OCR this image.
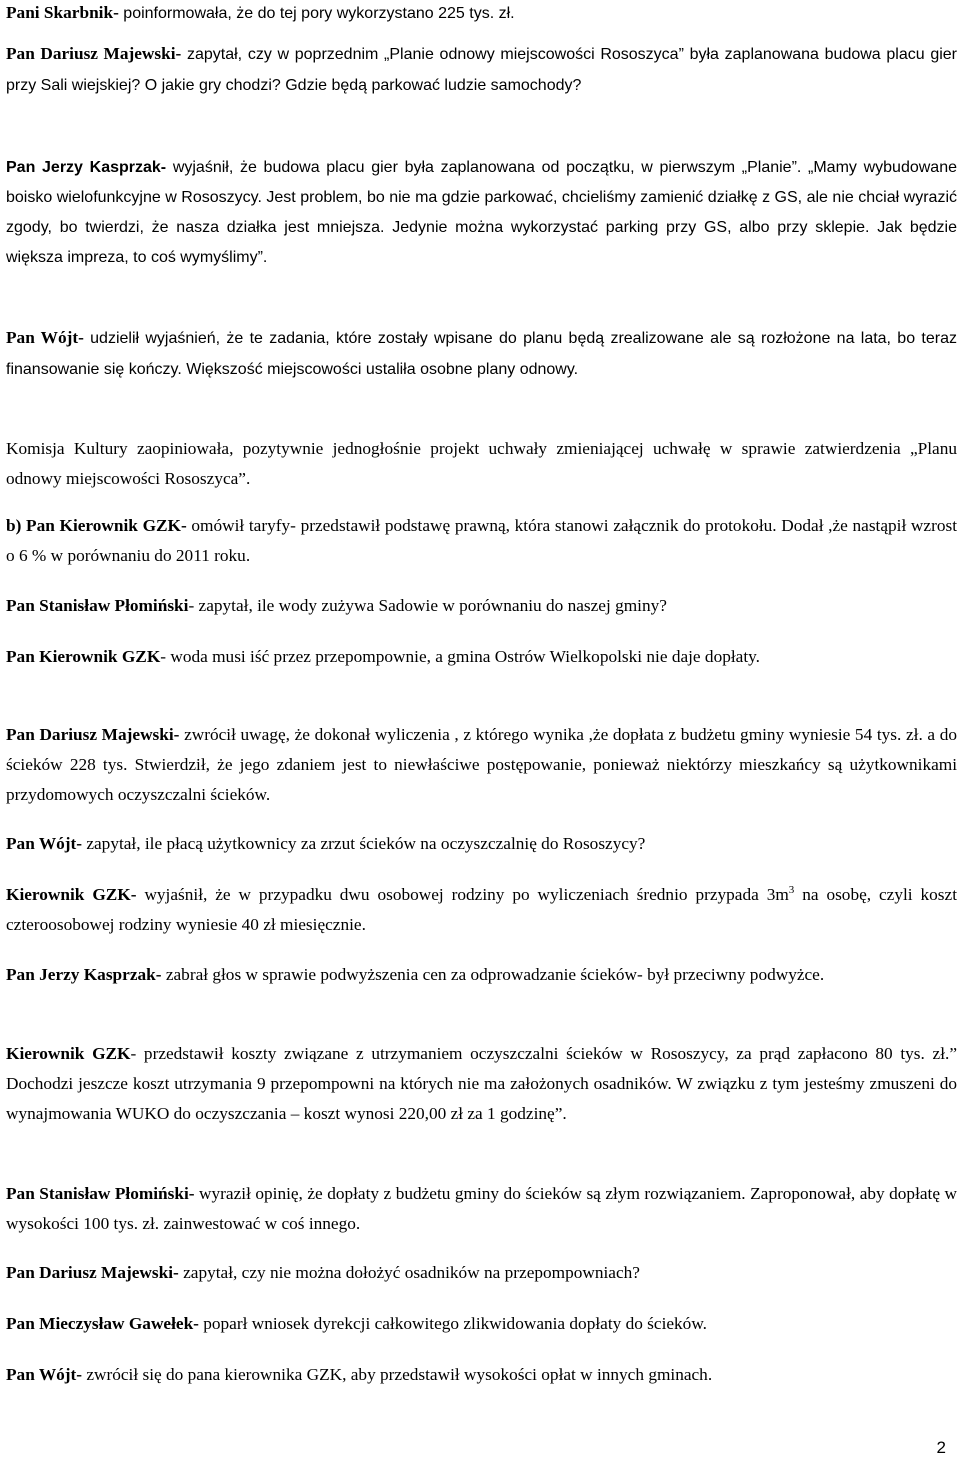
Pani Skarbnik- poinformowała, że do tej pory wykorzystano 225 tys. zł.

Pan Dariusz Majewski- zapytał, czy w poprzednim „Planie odnowy miejscowości Rososzyca” była zaplanowana budowa placu gier przy Sali wiejskiej? O jakie gry chodzi? Gdzie będą parkować ludzie samochody?

Pan Jerzy Kasprzak- wyjaśnił, że budowa placu gier była zaplanowana od początku, w pierwszym „Planie”. „Mamy wybudowane boisko wielofunkcyjne w Rososzycy. Jest problem, bo nie ma gdzie parkować, chcieliśmy zamienić działkę z GS, ale nie chciał wyrazić zgody, bo twierdzi, że nasza działka jest mniejsza. Jedynie można wykorzystać parking przy GS, albo przy sklepie. Jak będzie większa impreza, to coś wymyślimy”.

Pan Wójt- udzielił wyjaśnień, że te zadania, które zostały wpisane do planu będą zrealizowane ale są rozłożone na lata, bo teraz finansowanie się kończy. Większość miejscowości ustaliła osobne plany odnowy.

Komisja Kultury zaopiniowała, pozytywnie jednogłośnie projekt uchwały zmieniającej uchwałę w sprawie zatwierdzenia „Planu odnowy miejscowości Rososzyca”.

b) Pan Kierownik GZK- omówił taryfy- przedstawił podstawę prawną, która stanowi załącznik do protokołu. Dodał ,że nastąpił wzrost o 6 % w porównaniu do 2011 roku.

Pan Stanisław Płomiński- zapytał, ile wody zużywa Sadowie w porównaniu do naszej gminy?

Pan Kierownik GZK- woda musi iść przez przepompownie, a gmina Ostrów Wielkopolski nie daje dopłaty.

Pan Dariusz Majewski- zwrócił uwagę, że dokonał wyliczenia , z którego wynika ,że dopłata z budżetu gminy wyniesie 54 tys. zł. a do ścieków 228 tys. Stwierdził, że jego zdaniem jest to niewłaściwe postępowanie, ponieważ niektórzy mieszkańcy są użytkownikami przydomowych oczyszczalni ścieków.

Pan Wójt- zapytał, ile płacą użytkownicy za zrzut ścieków na oczyszczalnię do Rososzycy?

Kierownik GZK- wyjaśnił, że w przypadku dwu osobowej rodziny po wyliczeniach średnio przypada $3m^3$ na osobę, czyli koszt czteroosobowej rodziny wyniesie 40 zł miesięcznie.

Pan Jerzy Kasprzak- zabrał głos w sprawie podwyższenia cen za odprowadzanie ścieków- był przeciwny podwyżce.

Kierownik GZK- przedstawił koszty związane z utrzymaniem oczyszczalni ścieków w Rososzycy, za prąd zapłacono 80 tys. zł.” Dochodzi jeszcze koszt utrzymania 9 przepompowni na których nie ma założonych osadników. W związku z tym jesteśmy zmuszeni do wynajmowania WUKO do oczyszczania – koszt wynosi 220,00 zł za 1 godzinę”.

Pan Stanisław Płomiński- wyraził opinię, że dopłaty z budżetu gminy do ścieków są złym rozwiązaniem. Zaproponował, aby dopłatę w wysokości 100 tys. zł. zainwestować w coś innego.

Pan Dariusz Majewski- zapytał, czy nie można dołożyć osadników na przepompowniach?

Pan Mieczysław Gawełek- poparł wniosek dyrekcji całkowitego zlikwidowania dopłaty do ścieków.

Pan Wójt- zwrócił się do pana kierownika GZK, aby przedstawił wysokości opłat w innych gminach.

2
